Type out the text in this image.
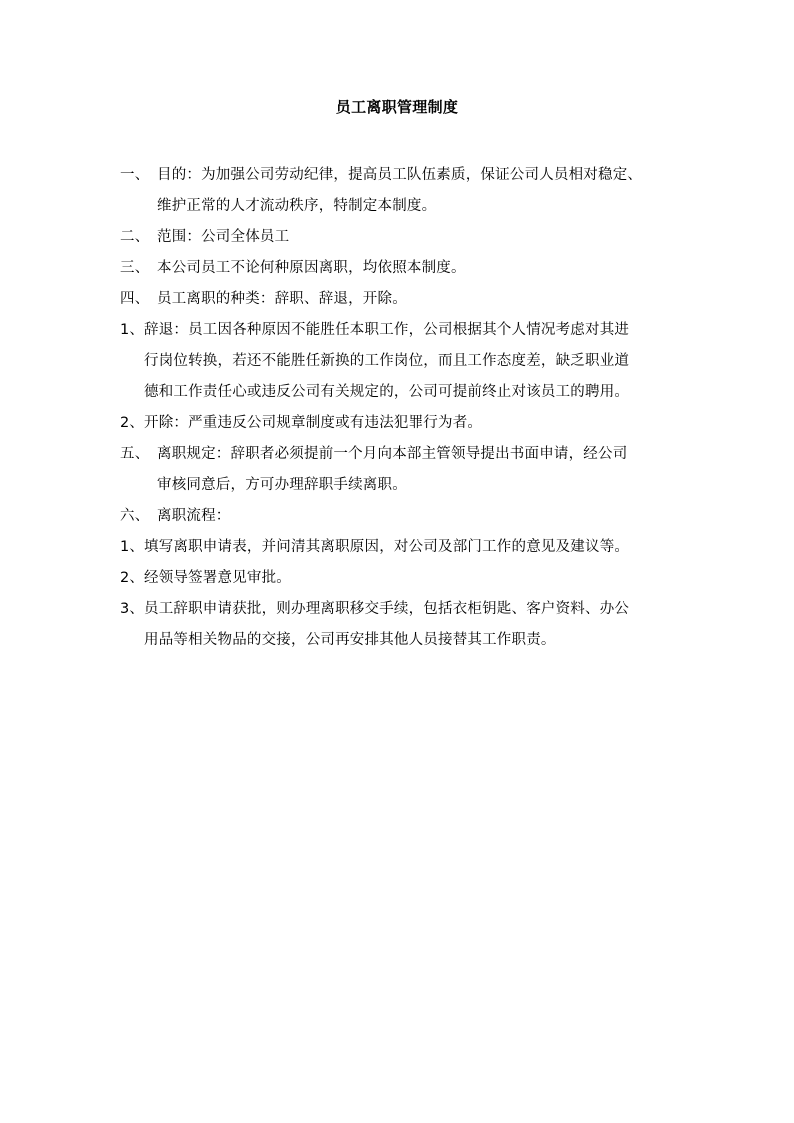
员工离职管理制度
一、 目的：为加强公司劳动纪律，提高员工队伍素质，保证公司人员相对稳定、
维护正常的人才流动秩序，特制定本制度。
二、 范围：公司全体员工
三、 本公司员工不论何种原因离职，均依照本制度。
四、 员工离职的种类：辞职、辞退，开除。
1、 辞退：员工因各种原因不能胜任本职工作，公司根据其个人情况考虑对其进
行岗位转换，若还不能胜任新换的工作岗位，而且工作态度差，缺乏职业道
德和工作责任心或违反公司有关规定的，公司可提前终止对该员工的聘用。
2、 开除：严重违反公司规章制度或有违法犯罪行为者。
五、 离职规定：辞职者必须提前一个月向本部主管领导提出书面申请，经公司
审核同意后，方可办理辞职手续离职。
六、 离职流程：
1、 填写离职申请表，并问清其离职原因，对公司及部门工作的意见及建议等。
2、 经领导签署意见审批。
3、 员工辞职申请获批，则办理离职移交手续，包括衣柜钥匙、客户资料、办公
用品等相关物品的交接，公司再安排其他人员接替其工作职责。
